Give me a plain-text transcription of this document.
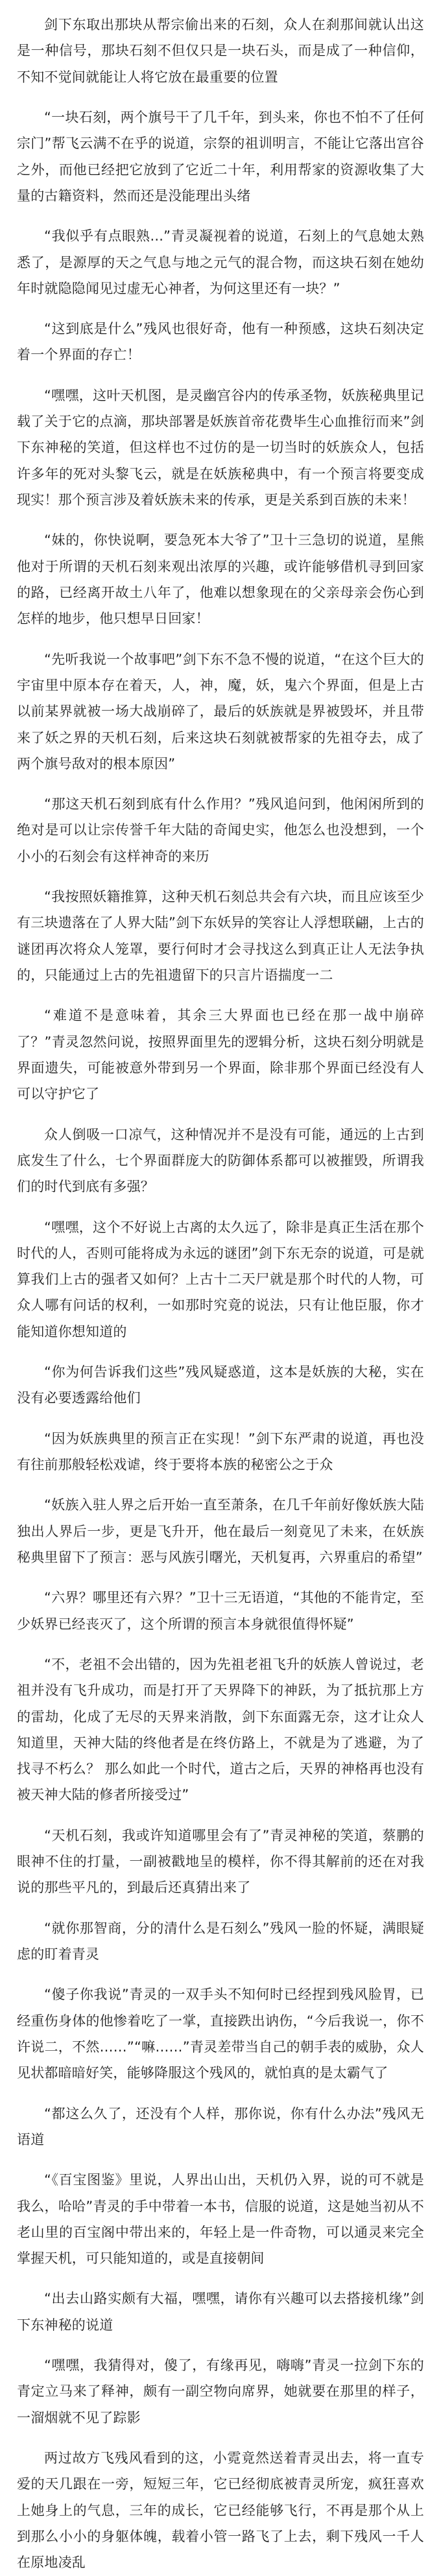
剑下东取出那块从帮宗偷出来的石刻，众人在刹那间就认出这是一种信号，那块石刻不但仅只是一块石头，而是成了一种信仰，不知不觉间就能让人将它放在最重要的位置

“一块石刻，两个旗号干了几千年，到头来，你也不怕不了任何宗门”帮飞云满不在乎的说道，宗祭的祖训明言，不能让它落出宫谷之外，而他已经把它放到了它近二十年，利用帮家的资源收集了大量的古籍资料，然而还是没能理出头绪

“我似乎有点眼熟...”青灵凝视着的说道，石刻上的气息她太熟悉了，是源厚的天之气息与地之元气的混合物，而这块石刻在她幼年时就隐隐闻见过虚无心神者，为何这里还有一块？”

“这到底是什么”残风也很好奇，他有一种预感，这块石刻决定着一个界面的存亡！

“嘿嘿，这叶天机图，是灵幽宫谷内的传承圣物，妖族秘典里记载了关于它的点滴，那块部署是妖族首帝花费毕生心血推衍而来”剑下东神秘的笑道，但这样也不过仿的是一切当时的妖族众人，包括许多年的死对头黎飞云，就是在妖族秘典中，有一个预言将要变成现实！那个预言涉及着妖族未来的传承，更是关系到百族的未来！

“妹的，你快说啊，要急死本大爷了”卫十三急切的说道，星熊他对于所谓的天机石刻来观出浓厚的兴趣，或许能够借机寻到回家的路，已经离开故土八年了，他难以想象现在的父亲母亲会伤心到怎样的地步，他只想早日回家！

“先听我说一个故事吧”剑下东不急不慢的说道，“在这个巨大的宇宙里中原本存在着天，人，神，魔，妖，鬼六个界面，但是上古以前某界就被一场大战崩碎了，最后的妖族就是界被毁坏，并且带来了妖之界的天机石刻，后来这块石刻就被帮家的先祖夺去，成了两个旗号敌对的根本原因”

“那这天机石刻到底有什么作用？”残风追问到，他闲闲所到的绝对是可以让宗传誉千年大陆的奇闻史实，他怎么也没想到，一个小小的石刻会有这样神奇的来历

“我按照妖籍推算，这种天机石刻总共会有六块，而且应该至少有三块遗落在了人界大陆”剑下东妖异的笑容让人浮想联翩，上古的谜团再次将众人笼罩，要行何时才会寻找这么到真正让人无法争执的，只能通过上古的先祖遗留下的只言片语揣度一二

“难道不是意味着，其余三大界面也已经在那一战中崩碎了？”青灵忽然问说，按照界面里先的逻辑分析，这块石刻分明就是界面遗失，可能被意外带到另一个界面，除非那个界面已经没有人可以守护它了

众人倒吸一口凉气，这种情况并不是没有可能，通远的上古到底发生了什么，七个界面群庞大的防御体系都可以被摧毁，所谓我们的时代到底有多强？

“嘿嘿，这个不好说上古离的太久远了，除非是真正生活在那个时代的人，否则可能将成为永远的谜团”剑下东无奈的说道，可是就算我们上古的强者又如何？上古十二天尸就是那个时代的人物，可众人哪有问话的权利，一如那时究竟的说法，只有让他臣服，你才能知道你想知道的

“你为何告诉我们这些”残风疑惑道，这本是妖族的大秘，实在没有必要透露给他们

“因为妖族典里的预言正在实现！”剑下东严肃的说道，再也没有往前那般轻松戏谑，终于要将本族的秘密公之于众

“妖族入驻人界之后开始一直至萧条，在几千年前好像妖族大陆独出人界后一步，更是飞升开，他在最后一刻竟见了未来，在妖族秘典里留下了预言：恶与风族引曙光，天机复再，六界重启的希望”

“六界？哪里还有六界？”卫十三无语道，“其他的不能肯定，至少妖界已经丧灭了，这个所谓的预言本身就很值得怀疑”

“不，老祖不会出错的，因为先祖老祖飞升的妖族人曾说过，老祖并没有飞升成功，而是打开了天界降下的神跃，为了抵抗那上方的雷劫，化成了无尽的天界来消散，剑下东面露无奈，这才让众人知道里，天神大陆的终他者是在终仿路上，不就是为了逃避，为了找寻不朽么？ 那么如此一个时代，道古之后，天界的神格再也没有被天神大陆的修者所接受过”

“天机石刻，我或许知道哪里会有了”青灵神秘的笑道，蔡鹏的眼神不住的打量，一副被戳地呈的模样，你不得其解前的还在对我说的那些平凡的，到最后还真猜出来了

“就你那智商，分的清什么是石刻么”残风一脸的怀疑，满眼疑虑的盯着青灵

“傻子你我说”青灵的一双手头不知何时已经捏到残风脸胃，已经重伤身体的他惨着吃了一掌，直接跌出讷伤，“今后我说一，你不许说二，不然……”“嘛……”青灵差带当自己的朝手表的威胁，众人见状都暗暗好笑，能够降服这个残风的，就怕真的是太霸气了

“都这么久了，还没有个人样，那你说，你有什么办法”残风无语道

“《百宝图鉴》里说，人界出山出，天机仍入界，说的可不就是我么，哈哈”青灵的手中带着一本书，信服的说道，这是她当初从不老山里的百宝阁中带出来的，年轻上是一件奇物，可以通灵来完全掌握天机，可只能知道的，或是直接朝间

“出去山路实颇有大福，嘿嘿，请你有兴趣可以去搭接机缘”剑下东神秘的说道

“嘿嘿，我猜得对，傻了，有缘再见，嗨嗨”青灵一拉剑下东的青定立马来了释神，颇有一副空物向席界，她就要在那里的样子，一溜烟就不见了踪影

两过故方飞残风看到的这，小霓竟然送着青灵出去，将一直专爱的天几跟在一旁，短短三年，它已经彻底被青灵所宠，疯狂喜欢上她身上的气息，三年的成长，它已经能够飞行，不再是那个从上到那么小小的身躯体魄，载着小管一路飞了上去，剩下残风一千人在原地凌乱
